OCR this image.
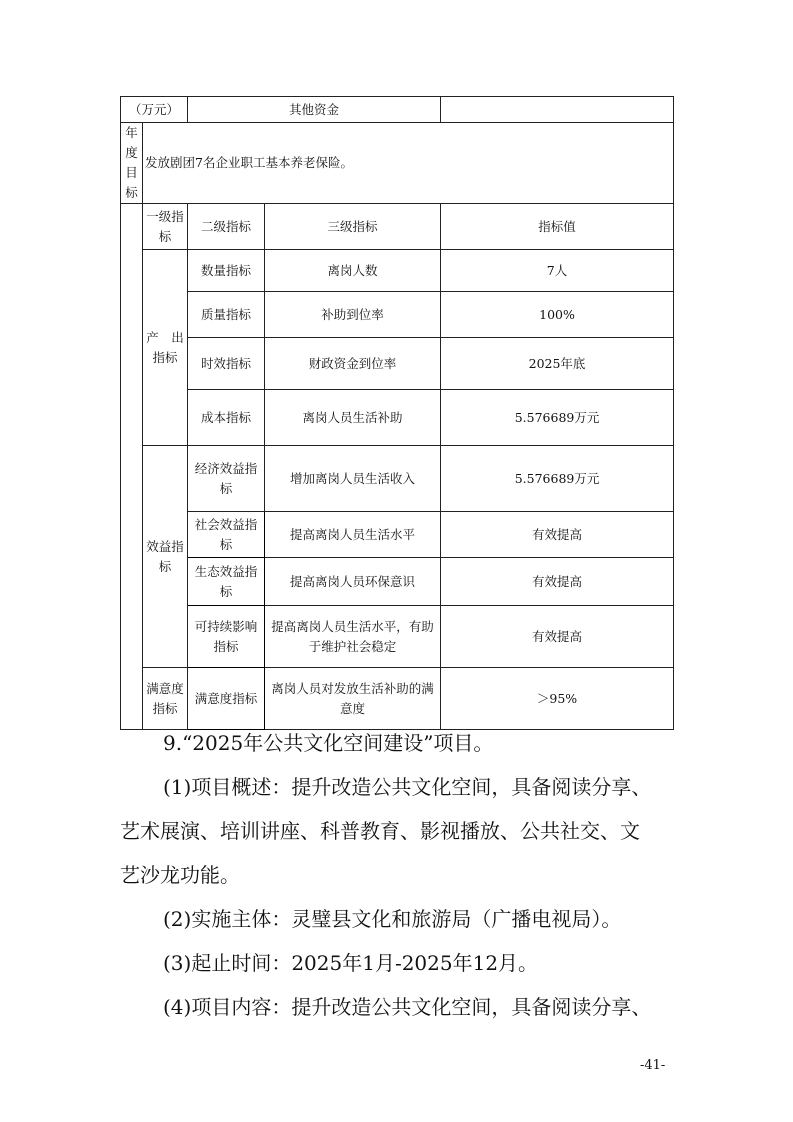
（万元）		其他资金		
年度目标	发放剧团7名企业职工基本养老保险。			
	一级指标	二级指标	三级指标	指标值
	产　出指标	数量指标	离岗人数	7人
		质量指标	补助到位率	100%
		时效指标	财政资金到位率	2025年底
		成本指标	离岗人员生活补助	5.576689万元
	效益指标	经济效益指标	增加离岗人员生活收入	5.576689万元
		社会效益指标	提高离岗人员生活水平	有效提高
		生态效益指标	提高离岗人员环保意识	有效提高
		可持续影响指标	提高离岗人员生活水平，有助于维护社会稳定	有效提高
	满意度指标	满意度指标	离岗人员对发放生活补助的满意度	＞95%

9.“2025年公共文化空间建设”项目。

(1)项目概述：提升改造公共文化空间，具备阅读分享、

艺术展演、培训讲座、科普教育、影视播放、公共社交、文

艺沙龙功能。

(2)实施主体：灵璧县文化和旅游局（广播电视局）。

(3)起止时间：2025年1月-2025年12月。

(4)项目内容：提升改造公共文化空间，具备阅读分享、

-41-
